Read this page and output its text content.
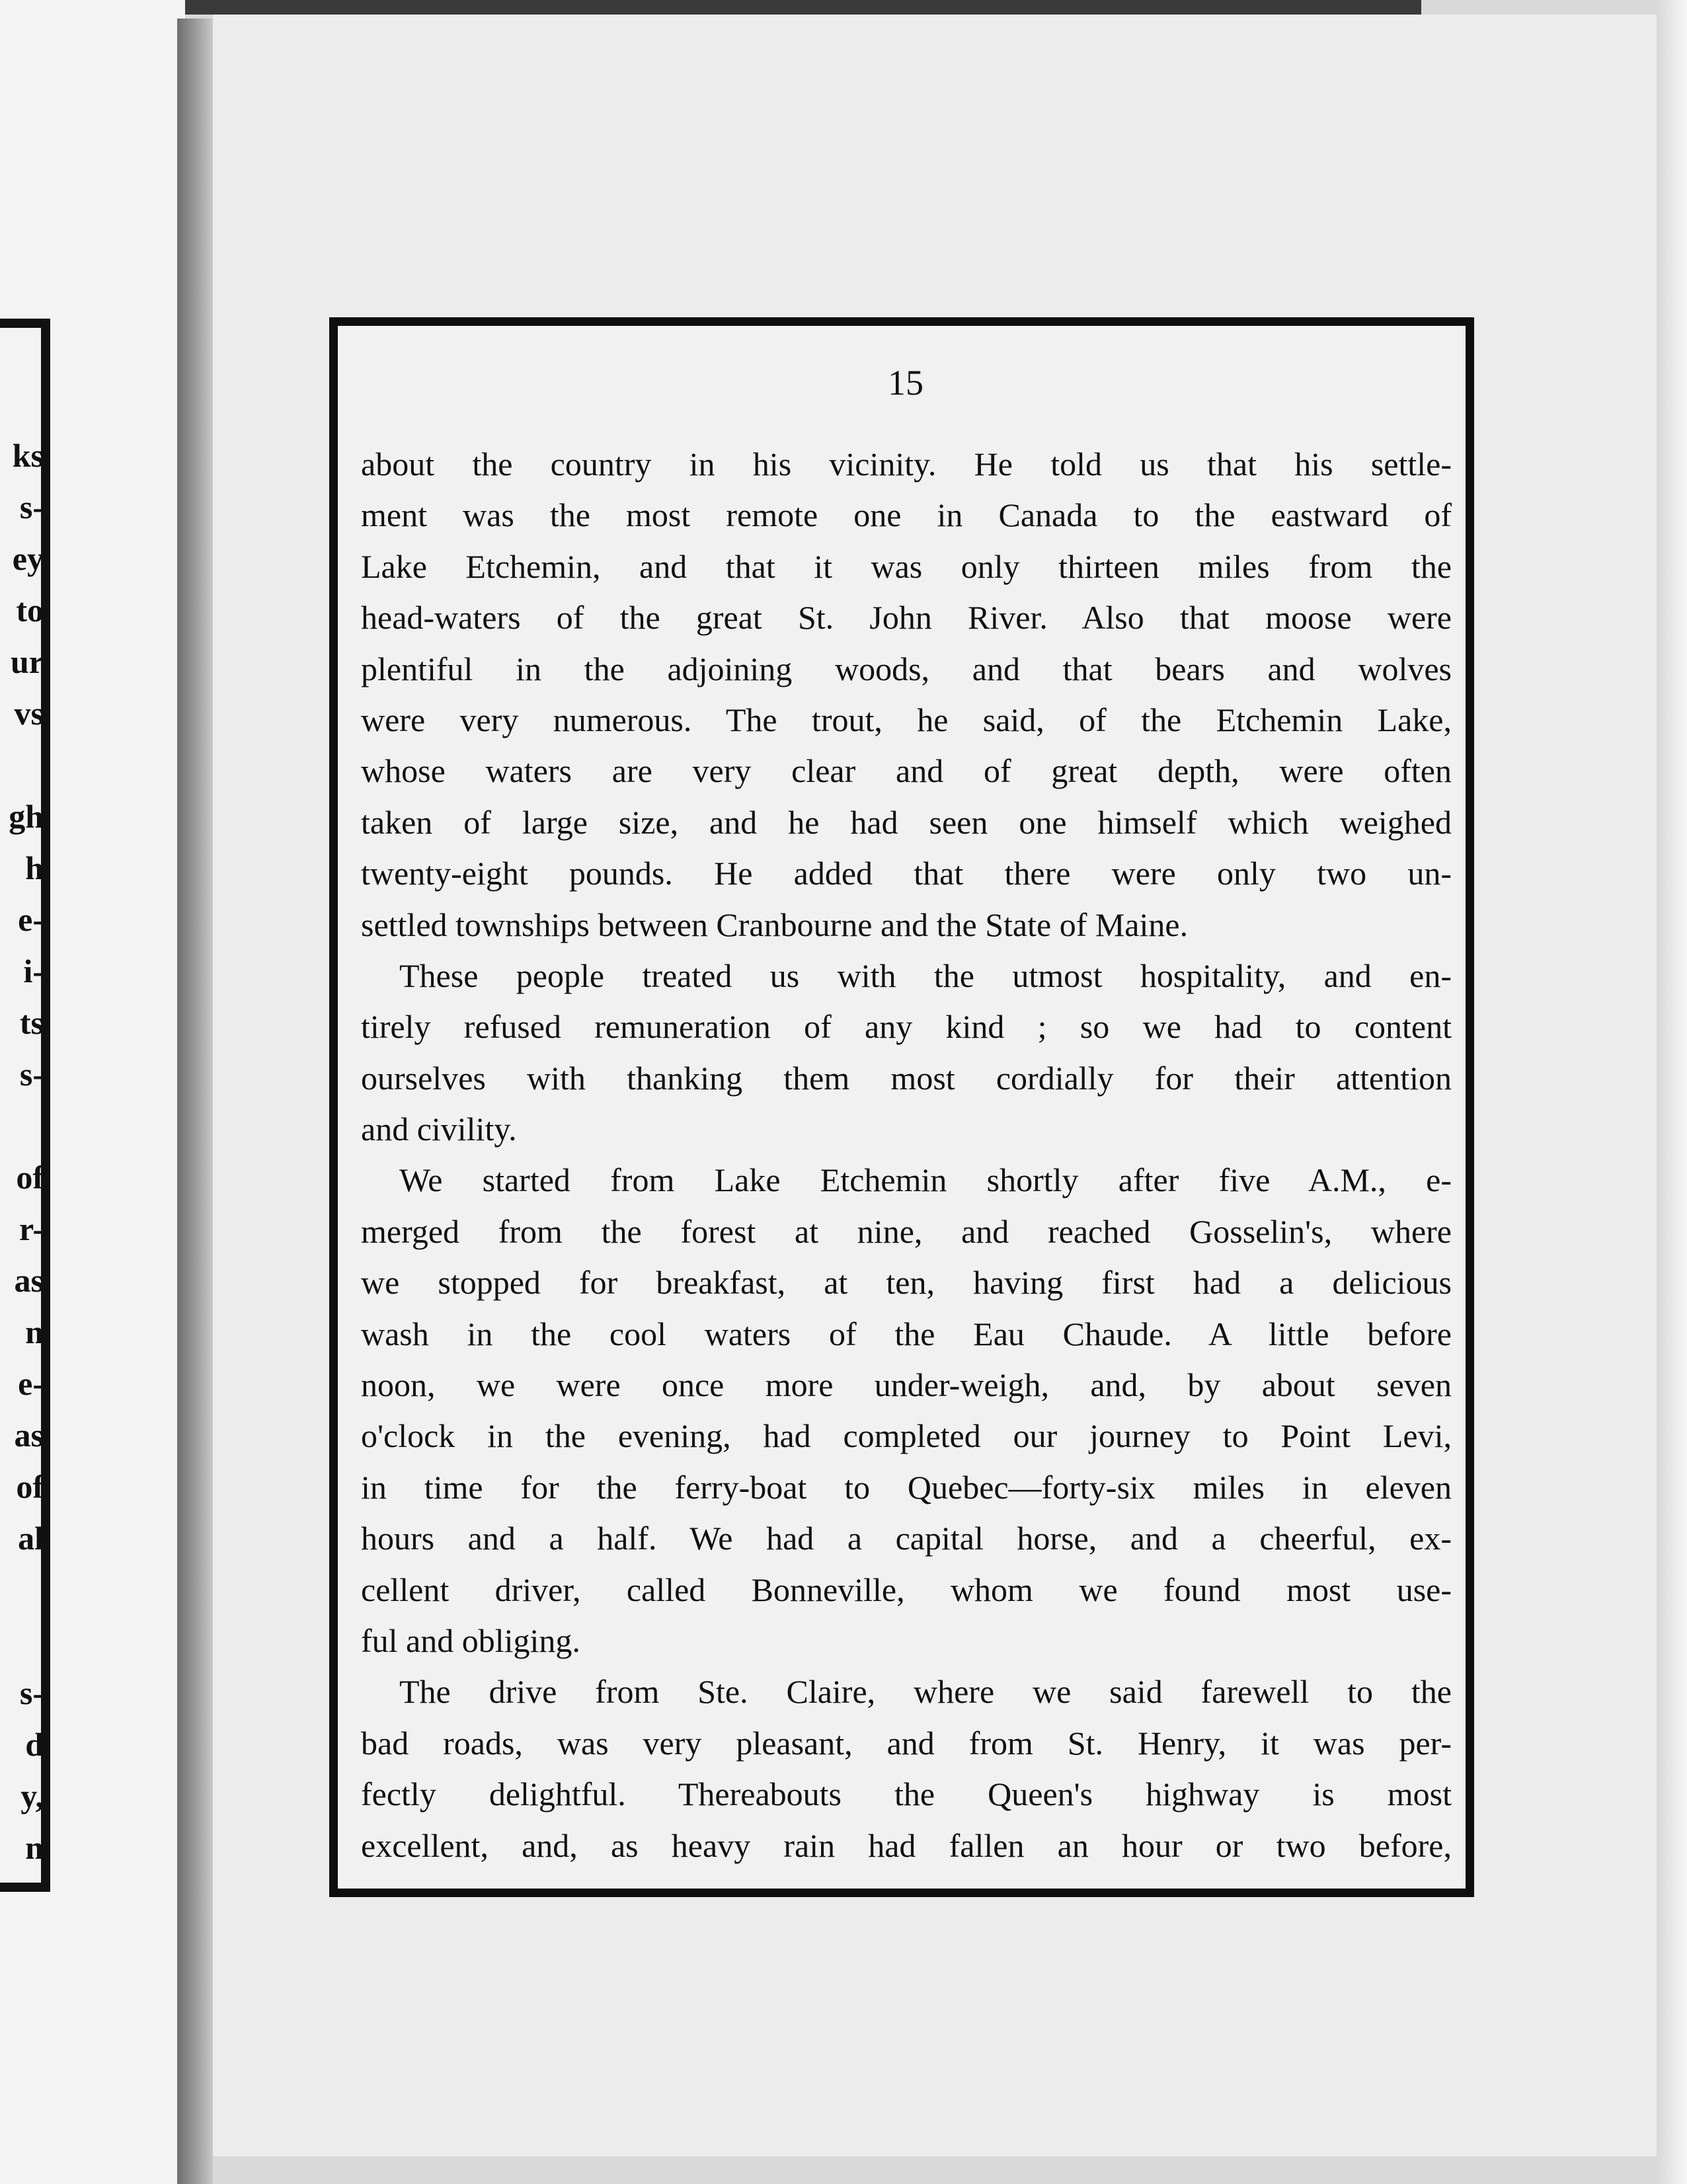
ks
s-
ey
to
ur
vs
gh
h
e-
i-
ts
s-
of
r-
as
n
e-
as
of
al
s-
d
y,
n
15
about the country in his vicinity. He told us that his settle-
ment was the most remote one in Canada to the eastward of
Lake Etchemin, and that it was only thirteen miles from the
head-waters of the great St. John River. Also that moose were
plentiful in the adjoining woods, and that bears and wolves
were very numerous. The trout, he said, of the Etchemin Lake,
whose waters are very clear and of great depth, were often
taken of large size, and he had seen one himself which weighed
twenty-eight pounds. He added that there were only two un-
settled townships between Cranbourne and the State of Maine.
These people treated us with the utmost hospitality, and en-
tirely refused remuneration of any kind ; so we had to content
ourselves with thanking them most cordially for their attention
and civility.
We started from Lake Etchemin shortly after five A.M., e-
merged from the forest at nine, and reached Gosselin's, where
we stopped for breakfast, at ten, having first had a delicious
wash in the cool waters of the Eau Chaude. A little before
noon, we were once more under-weigh, and, by about seven
o'clock in the evening, had completed our journey to Point Levi,
in time for the ferry-boat to Quebec—forty-six miles in eleven
hours and a half. We had a capital horse, and a cheerful, ex-
cellent driver, called Bonneville, whom we found most use-
ful and obliging.
The drive from Ste. Claire, where we said farewell to the
bad roads, was very pleasant, and from St. Henry, it was per-
fectly delightful. Thereabouts the Queen's highway is most
excellent, and, as heavy rain had fallen an hour or two before,
